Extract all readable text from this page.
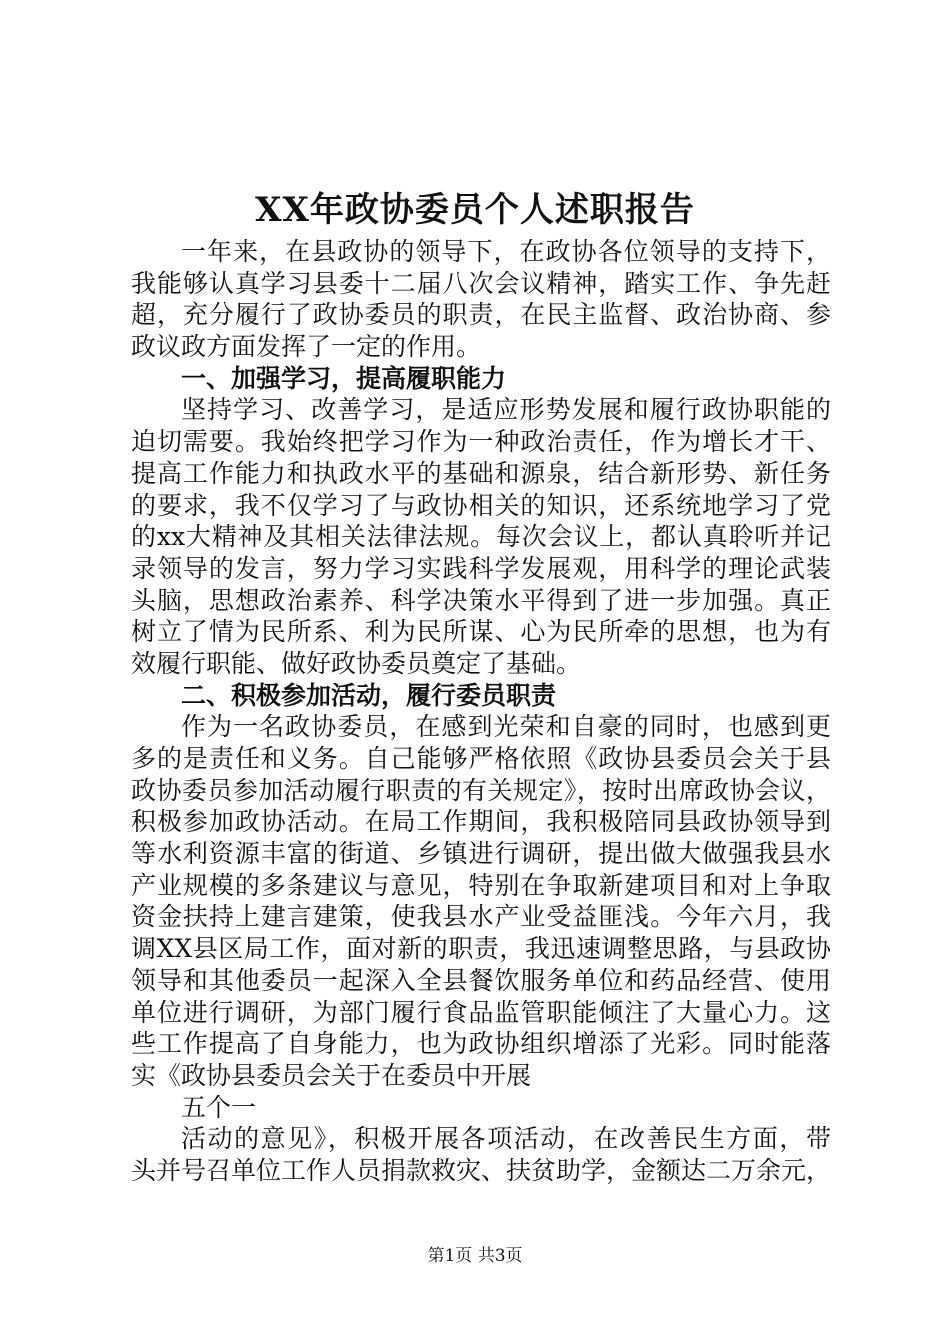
XX年政协委员个人述职报告
一年来，在县政协的领导下，在政协各位领导的支持下，
我能够认真学习县委十二届八次会议精神，踏实工作、争先赶
超，充分履行了政协委员的职责，在民主监督、政治协商、参
政议政方面发挥了一定的作用。
一、加强学习，提高履职能力
坚持学习、改善学习，是适应形势发展和履行政协职能的
迫切需要。我始终把学习作为一种政治责任，作为增长才干、
提高工作能力和执政水平的基础和源泉，结合新形势、新任务
的要求，我不仅学习了与政协相关的知识，还系统地学习了党
的xx大精神及其相关法律法规。每次会议上，都认真聆听并记
录领导的发言，努力学习实践科学发展观，用科学的理论武装
头脑，思想政治素养、科学决策水平得到了进一步加强。真正
树立了情为民所系、利为民所谋、心为民所牵的思想，也为有
效履行职能、做好政协委员奠定了基础。
二、积极参加活动，履行委员职责
作为一名政协委员，在感到光荣和自豪的同时，也感到更
多的是责任和义务。自己能够严格依照《政协县委员会关于县
政协委员参加活动履行职责的有关规定》，按时出席政协会议，
积极参加政协活动。在局工作期间，我积极陪同县政协领导到
等水利资源丰富的街道、乡镇进行调研，提出做大做强我县水
产业规模的多条建议与意见，特别在争取新建项目和对上争取
资金扶持上建言建策，使我县水产业受益匪浅。今年六月，我
调XX县区局工作，面对新的职责，我迅速调整思路，与县政协
领导和其他委员一起深入全县餐饮服务单位和药品经营、使用
单位进行调研，为部门履行食品监管职能倾注了大量心力。这
些工作提高了自身能力，也为政协组织增添了光彩。同时能落
实《政协县委员会关于在委员中开展
五个一
活动的意见》，积极开展各项活动，在改善民生方面，带
头并号召单位工作人员捐款救灾、扶贫助学，金额达二万余元，
第1页 共3页
